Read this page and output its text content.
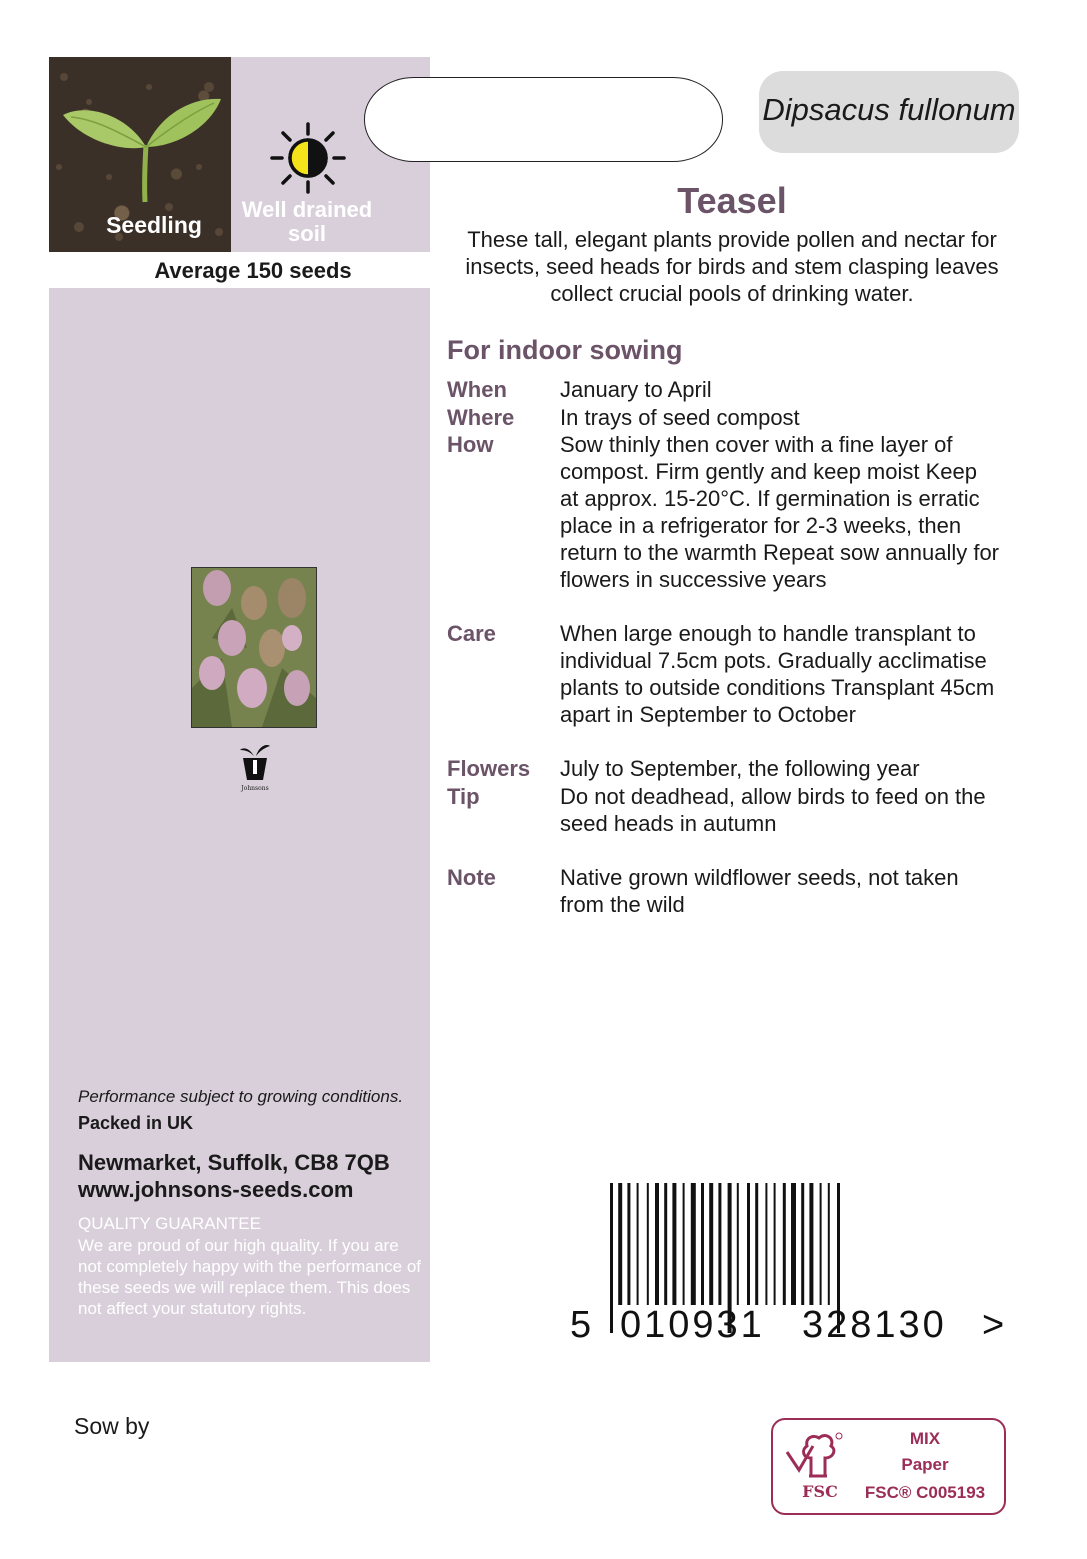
Seedling
Well drained soil
Average 150 seeds
Johnsons
Performance subject to growing conditions.
Packed in UK
Newmarket, Suffolk, CB8 7QB
www.johnsons-seeds.com
QUALITY GUARANTEE
We are proud of our high quality. If you are not completely happy with the performance of these seeds we will replace them. This does not affect your statutory rights.
Dipsacus fullonum
Teasel
These tall, elegant plants provide pollen and nectar for insects, seed heads for birds and stem clasping leaves collect crucial pools of drinking water.
For indoor sowing
When January to April
Where In trays of seed compost
How	Sow thinly then cover with a fine layer of compost. Firm gently and keep moist Keep at approx. 15-20°C. If germination is erratic place in a refrigerator for 2-3 weeks, then return to the warmth Repeat sow annually for flowers in successive years
Care	When large enough to handle transplant to individual 7.5cm pots. Gradually acclimatise plants to outside conditions Transplant 45cm apart in September to October
Flowers July to September, the following year
Tip	Do not deadhead, allow birds to feed on the seed heads in autumn
Note	Native grown wildflower seeds, not taken from the wild
5 010931 328130 >
Sow by
FSC
MIX
Paper
FSC® C005193
